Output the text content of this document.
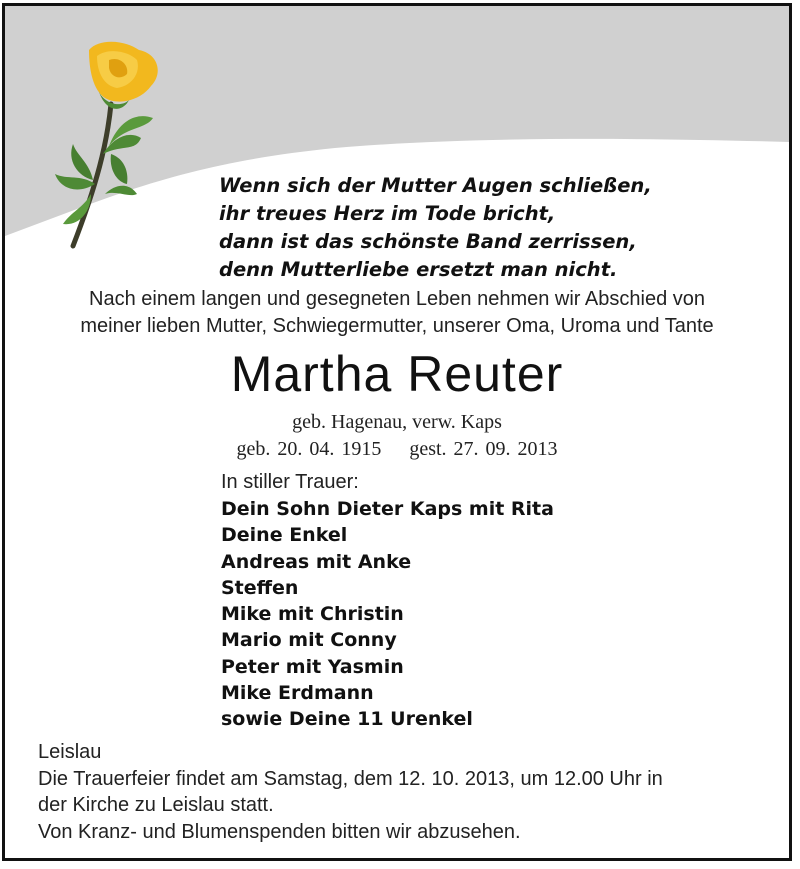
Wenn sich der Mutter Augen schließen,
ihr treues Herz im Tode bricht,
dann ist das schönste Band zerrissen,
denn Mutterliebe ersetzt man nicht.
Nach einem langen und gesegneten Leben nehmen wir Abschied von
meiner lieben Mutter, Schwiegermutter, unserer Oma, Uroma und Tante
Martha Reuter
geb. Hagenau, verw. Kaps
geb. 20. 04. 1915 gest. 27. 09. 2013
In stiller Trauer:
Dein Sohn Dieter Kaps mit Rita
Deine Enkel
Andreas mit Anke
Steffen
Mike mit Christin
Mario mit Conny
Peter mit Yasmin
Mike Erdmann
sowie Deine 11 Urenkel
Leislau
Die Trauerfeier findet am Samstag, dem 12. 10. 2013, um 12.00 Uhr in
der Kirche zu Leislau statt.
Von Kranz- und Blumenspenden bitten wir abzusehen.
